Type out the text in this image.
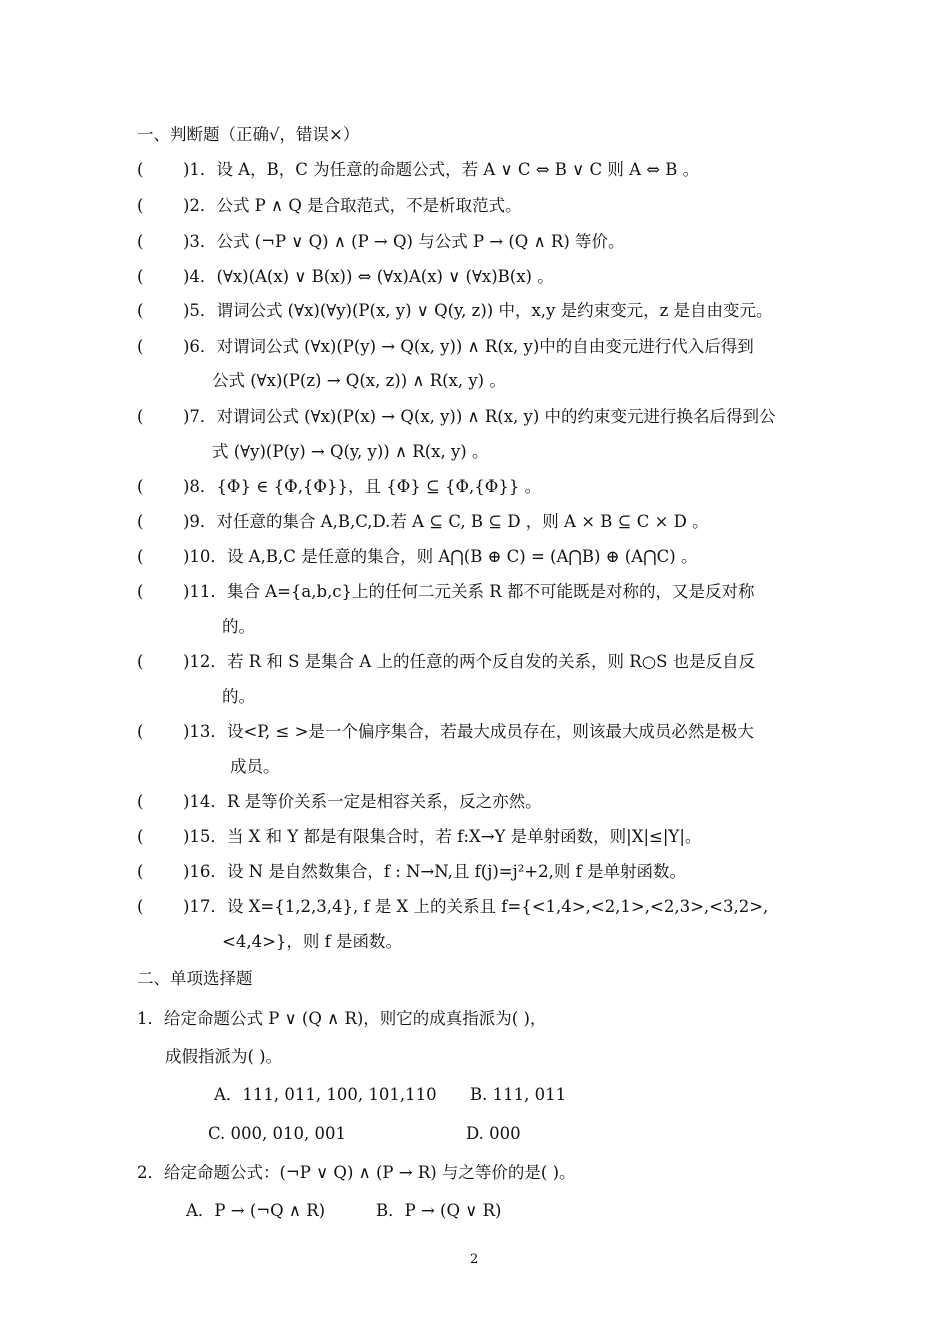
一、判断题（正确√，错误×）
( )1．设 A，B，C 为任意的命题公式，若 A ∨ C ⇔ B ∨ C 则 A ⇔ B 。
( )2．公式 P ∧ Q 是合取范式，不是析取范式。
( )3．公式 (¬P ∨ Q) ∧ (P → Q) 与公式 P → (Q ∧ R) 等价。
( )4．(∀x)(A(x) ∨ B(x)) ⇔ (∀x)A(x) ∨ (∀x)B(x) 。
( )5．谓词公式 (∀x)(∀y)(P(x, y) ∨ Q(y, z)) 中，x,y 是约束变元，z 是自由变元。
( )6．对谓词公式 (∀x)(P(y) → Q(x, y)) ∧ R(x, y)中的自由变元进行代入后得到
公式 (∀x)(P(z) → Q(x, z)) ∧ R(x, y) 。
( )7．对谓词公式 (∀x)(P(x) → Q(x, y)) ∧ R(x, y) 中的约束变元进行换名后得到公
式 (∀y)(P(y) → Q(y, y)) ∧ R(x, y) 。
( )8．{Φ} ∈ {Φ,{Φ}}，且 {Φ} ⊆ {Φ,{Φ}} 。
( )9．对任意的集合 A,B,C,D.若 A ⊆ C, B ⊆ D ，则 A × B ⊆ C × D 。
( )10．设 A,B,C 是任意的集合，则 A⋂(B ⊕ C) = (A⋂B) ⊕ (A⋂C) 。
( )11．集合 A={a,b,c}上的任何二元关系 R 都不可能既是对称的，又是反对称
的。
( )12．若 R 和 S 是集合 A 上的任意的两个反自发的关系，则 R○S 也是反自反
的。
( )13．设<P, ≤ >是一个偏序集合，若最大成员存在，则该最大成员必然是极大
成员。
( )14．R 是等价关系一定是相容关系，反之亦然。
( )15．当 X 和 Y 都是有限集合时，若 f:X→Y 是单射函数，则|X|≤|Y|。
( )16．设 N 是自然数集合，f : N→N,且 f(j)=j²+2,则 f 是单射函数。
( )17．设 X={1,2,3,4}, f 是 X 上的关系且 f={<1,4>,<2,1>,<2,3>,<3,2>,
<4,4>}，则 f 是函数。
二、单项选择题
1．给定命题公式 P ∨ (Q ∧ R)，则它的成真指派为( )，
成假指派为( )。
A．111, 011, 100, 101,110 B. 111, 011
C. 000, 010, 001	D. 000
2．给定命题公式：(¬P ∨ Q) ∧ (P → R) 与之等价的是( )。
A．P → (¬Q ∧ R)	B．P → (Q ∨ R)
2
